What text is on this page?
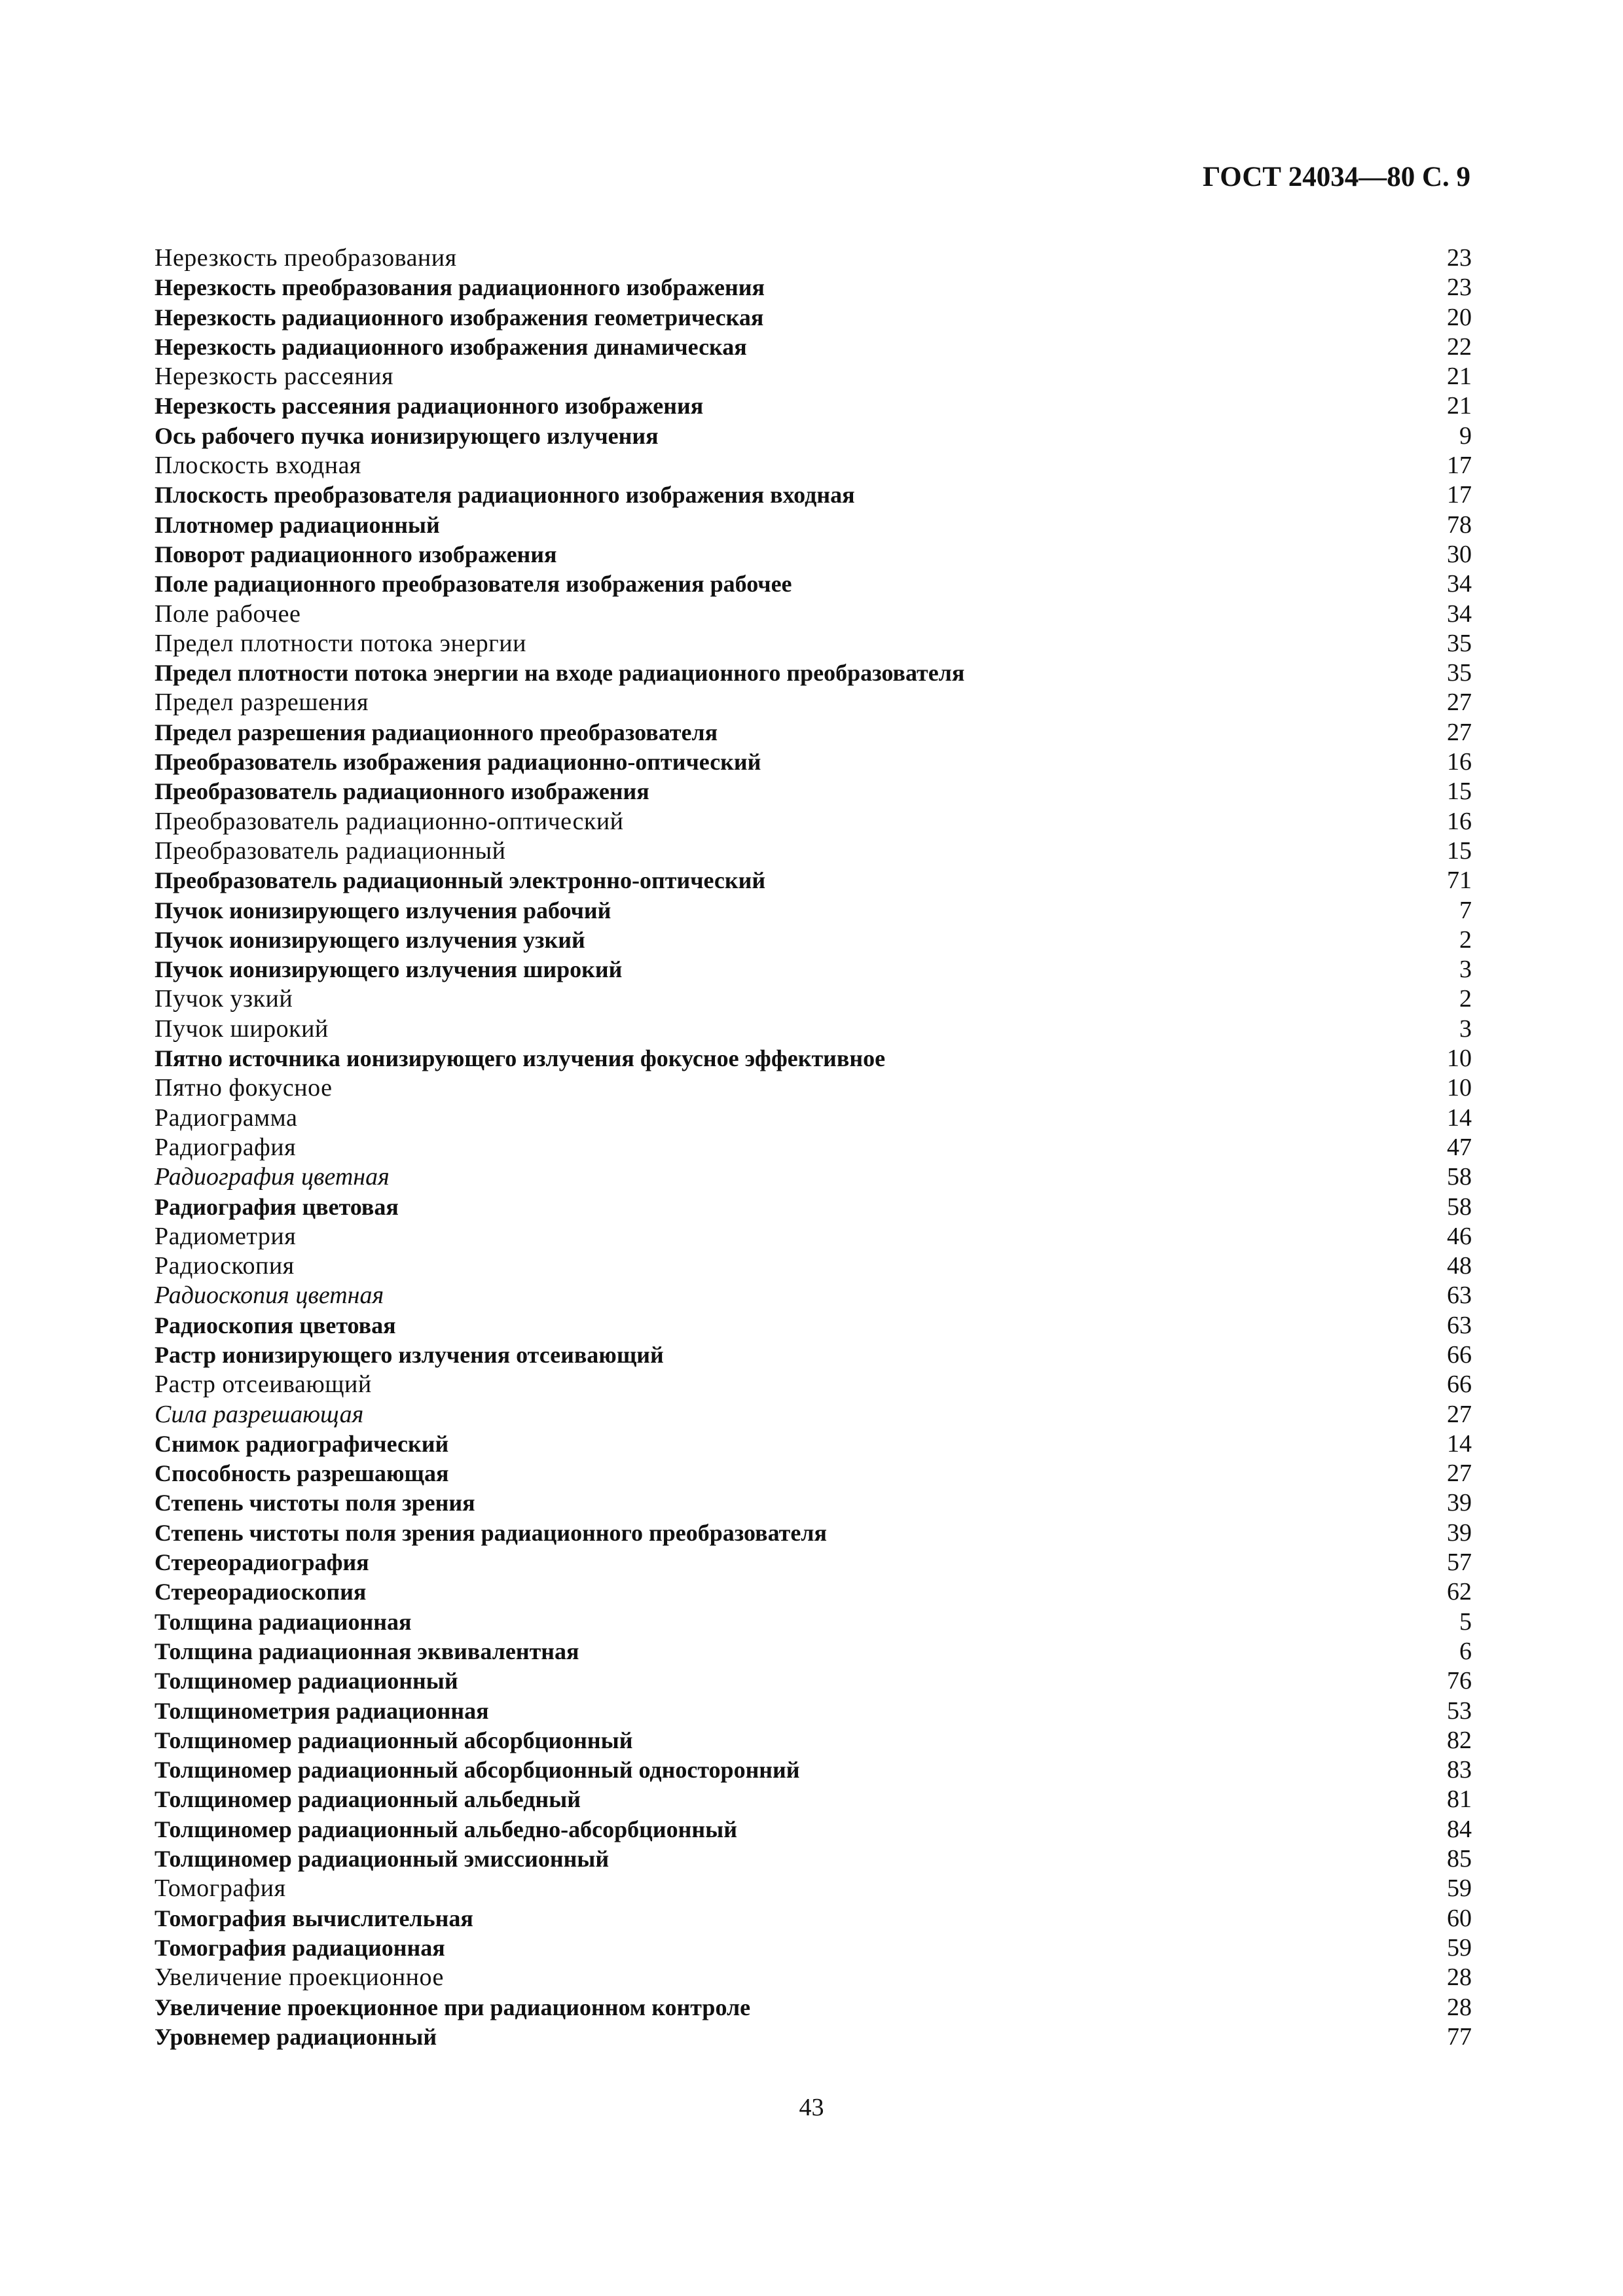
ГОСТ 24034—80 С. 9
Нерезкость преобразования	23
Нерезкость преобразования радиационного изображения	23
Нерезкость радиационного изображения геометрическая	20
Нерезкость радиационного изображения динамическая	22
Нерезкость рассеяния	21
Нерезкость рассеяния радиационного изображения	21
Ось рабочего пучка ионизирующего излучения	9
Плоскость входная	17
Плоскость преобразователя радиационного изображения входная	17
Плотномер радиационный	78
Поворот радиационного изображения	30
Поле радиационного преобразователя изображения рабочее	34
Поле рабочее	34
Предел плотности потока энергии	35
Предел плотности потока энергии на входе радиационного преобразователя	35
Предел разрешения	27
Предел разрешения радиационного преобразователя	27
Преобразователь изображения радиационно-оптический	16
Преобразователь радиационного изображения	15
Преобразователь радиационно-оптический	16
Преобразователь радиационный	15
Преобразователь радиационный электронно-оптический	71
Пучок ионизирующего излучения рабочий	7
Пучок ионизирующего излучения узкий	2
Пучок ионизирующего излучения широкий	3
Пучок узкий	2
Пучок широкий	3
Пятно источника ионизирующего излучения фокусное эффективное	10
Пятно фокусное	10
Радиограмма	14
Радиография	47
Радиография цветная	58
Радиография цветовая	58
Радиометрия	46
Радиоскопия	48
Радиоскопия цветная	63
Радиоскопия цветовая	63
Растр ионизирующего излучения отсеивающий	66
Растр отсеивающий	66
Сила разрешающая	27
Снимок радиографический	14
Способность разрешающая	27
Степень чистоты поля зрения	39
Степень чистоты поля зрения радиационного преобразователя	39
Стереорадиография	57
Стереорадиоскопия	62
Толщина радиационная	5
Толщина радиационная эквивалентная	6
Толщиномер радиационный	76
Толщинометрия радиационная	53
Толщиномер радиационный абсорбционный	82
Толщиномер радиационный абсорбционный односторонний	83
Толщиномер радиационный альбедный	81
Толщиномер радиационный альбедно-абсорбционный	84
Толщиномер радиационный эмиссионный	85
Томография	59
Томография вычислительная	60
Томография радиационная	59
Увеличение проекционное	28
Увеличение проекционное при радиационном контроле	28
Уровнемер радиационный	77
43
